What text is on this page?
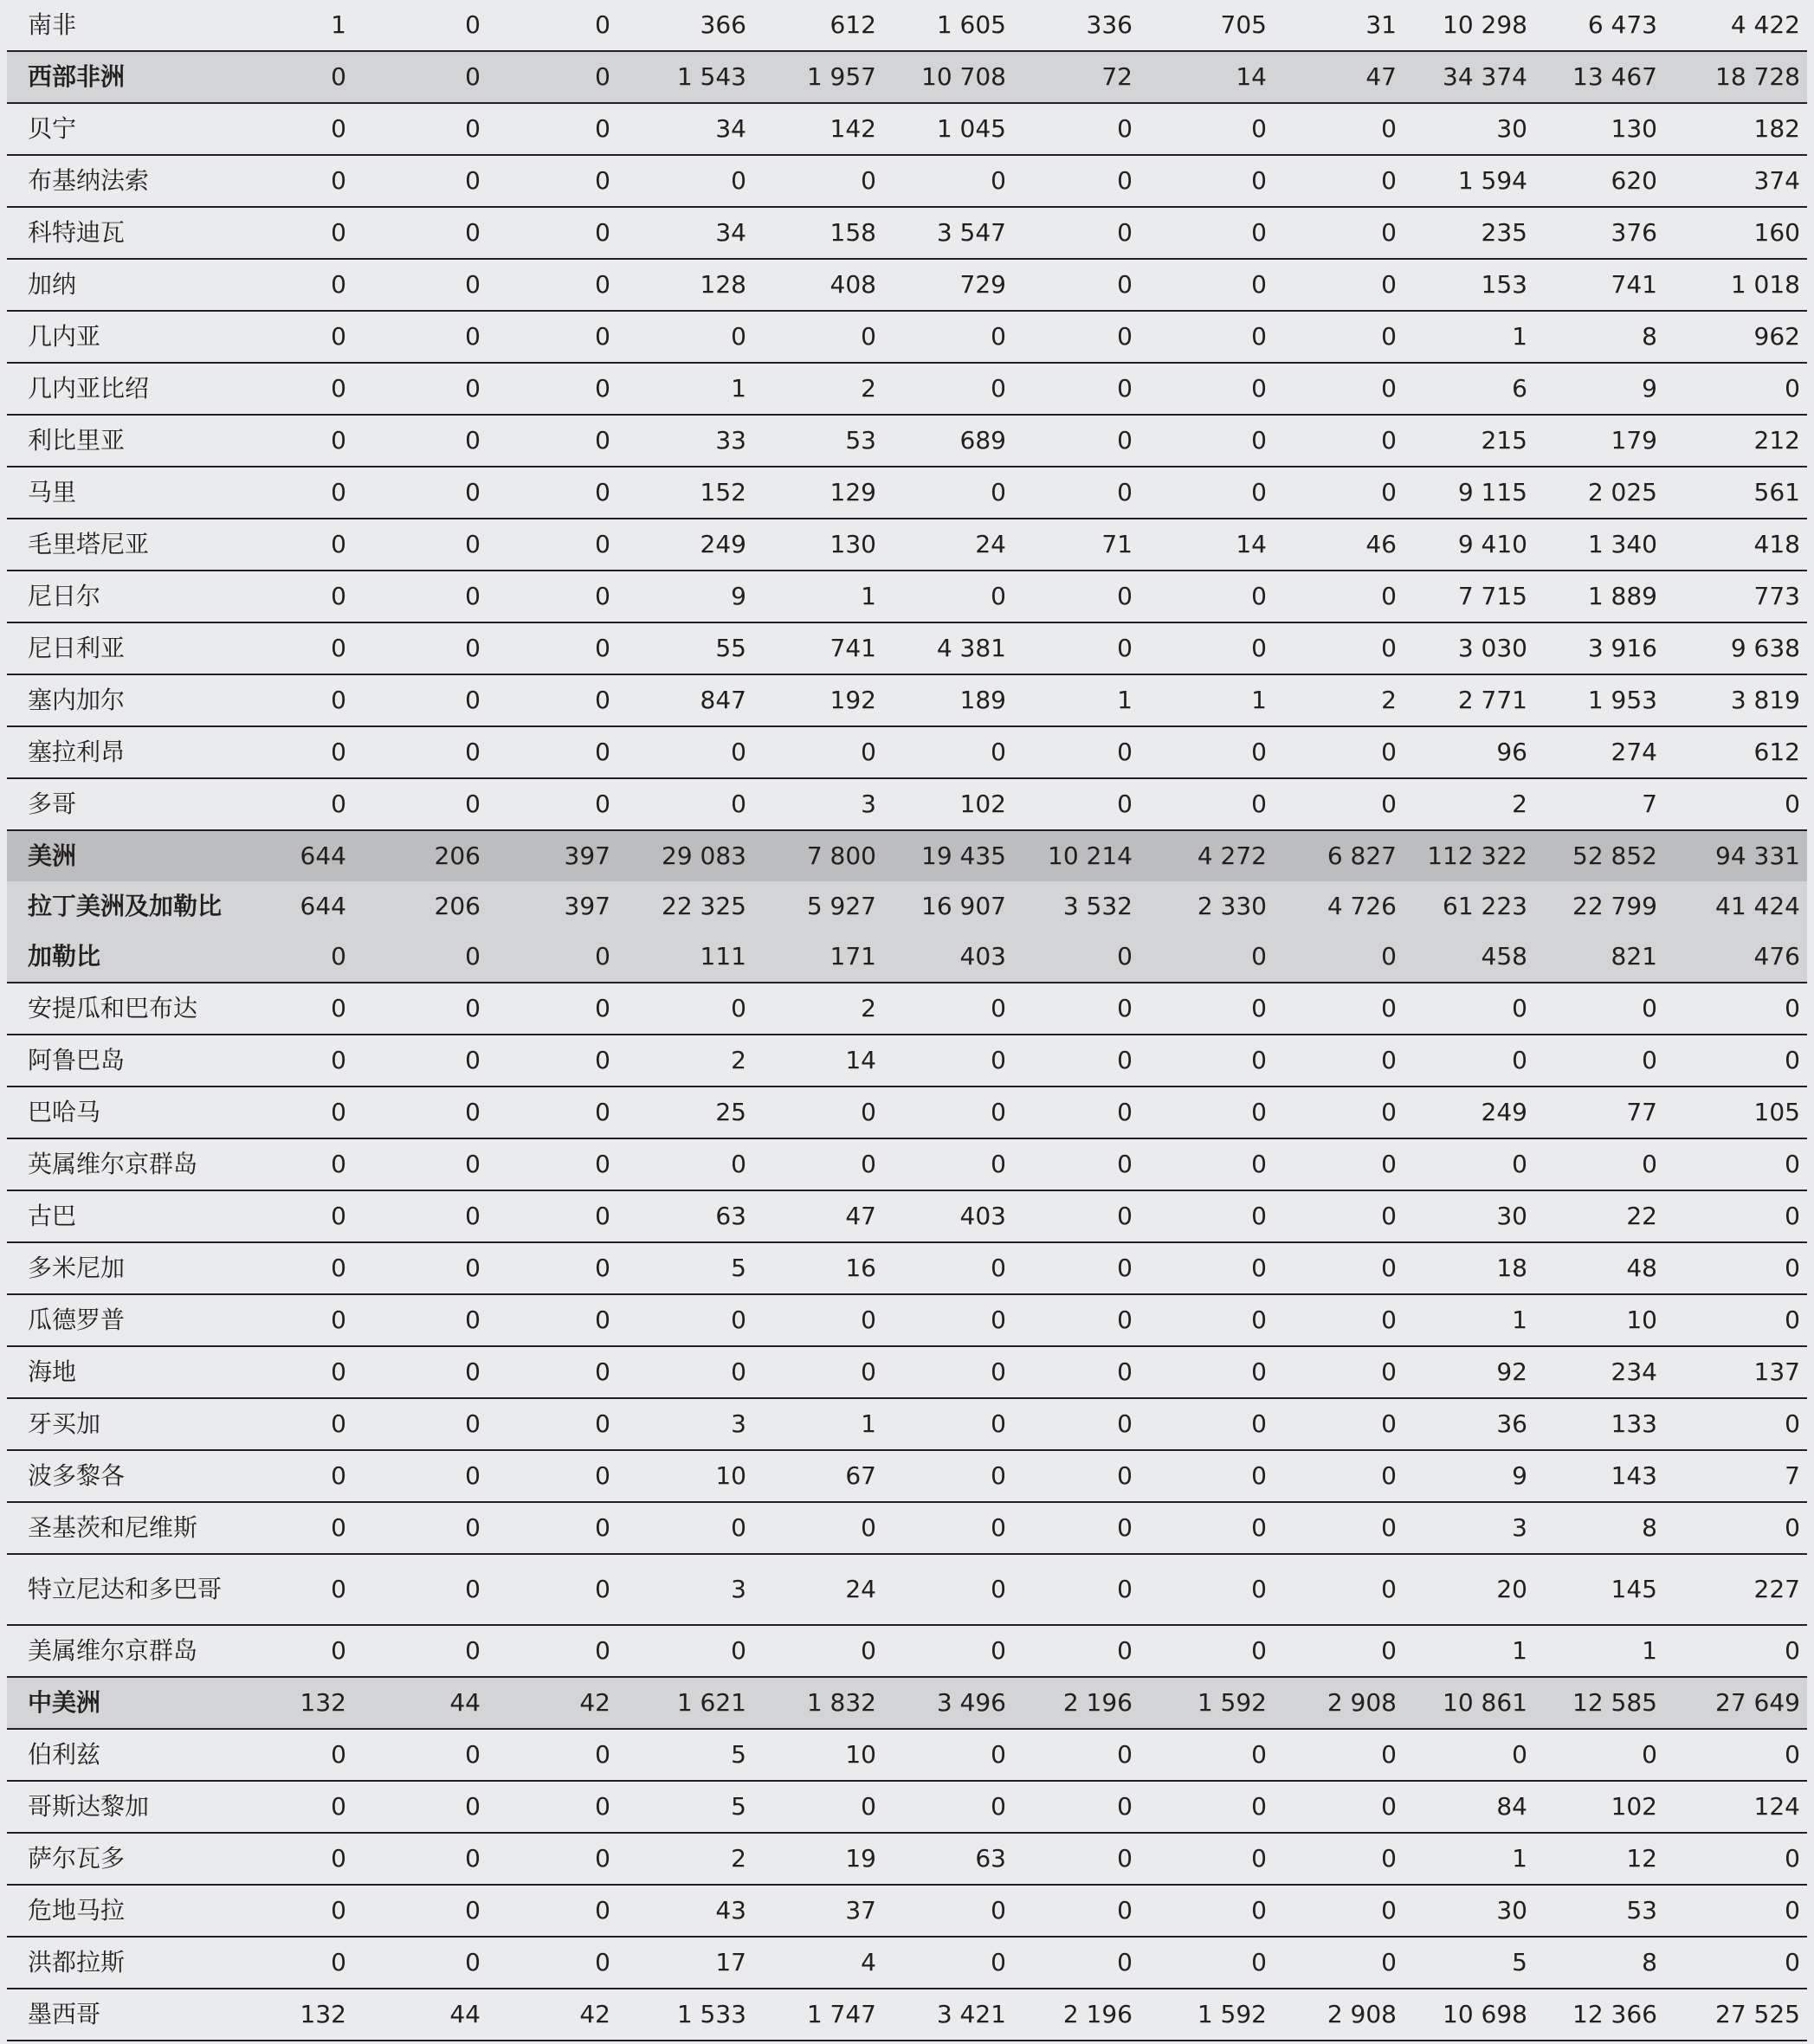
南非	1	0	0	366	612	1 605	336	705	31	10 298	6 473	4 422
西部非洲	0	0	0	1 543	1 957	10 708	72	14	47	34 374	13 467	18 728
贝宁	0	0	0	34	142	1 045	0	0	0	30	130	182
布基纳法索	0	0	0	0	0	0	0	0	0	1 594	620	374
科特迪瓦	0	0	0	34	158	3 547	0	0	0	235	376	160
加纳	0	0	0	128	408	729	0	0	0	153	741	1 018
几内亚	0	0	0	0	0	0	0	0	0	1	8	962
几内亚比绍	0	0	0	1	2	0	0	0	0	6	9	0
利比里亚	0	0	0	33	53	689	0	0	0	215	179	212
马里	0	0	0	152	129	0	0	0	0	9 115	2 025	561
毛里塔尼亚	0	0	0	249	130	24	71	14	46	9 410	1 340	418
尼日尔	0	0	0	9	1	0	0	0	0	7 715	1 889	773
尼日利亚	0	0	0	55	741	4 381	0	0	0	3 030	3 916	9 638
塞内加尔	0	0	0	847	192	189	1	1	2	2 771	1 953	3 819
塞拉利昂	0	0	0	0	0	0	0	0	0	96	274	612
多哥	0	0	0	0	3	102	0	0	0	2	7	0
美洲	644	206	397	29 083	7 800	19 435	10 214	4 272	6 827	112 322	52 852	94 331
拉丁美洲及加勒比	644	206	397	22 325	5 927	16 907	3 532	2 330	4 726	61 223	22 799	41 424
加勒比	0	0	0	111	171	403	0	0	0	458	821	476
安提瓜和巴布达	0	0	0	0	2	0	0	0	0	0	0	0
阿鲁巴岛	0	0	0	2	14	0	0	0	0	0	0	0
巴哈马	0	0	0	25	0	0	0	0	0	249	77	105
英属维尔京群岛	0	0	0	0	0	0	0	0	0	0	0	0
古巴	0	0	0	63	47	403	0	0	0	30	22	0
多米尼加	0	0	0	5	16	0	0	0	0	18	48	0
瓜德罗普	0	0	0	0	0	0	0	0	0	1	10	0
海地	0	0	0	0	0	0	0	0	0	92	234	137
牙买加	0	0	0	3	1	0	0	0	0	36	133	0
波多黎各	0	0	0	10	67	0	0	0	0	9	143	7
圣基茨和尼维斯	0	0	0	0	0	0	0	0	0	3	8	0
特立尼达和多巴哥	0	0	0	3	24	0	0	0	0	20	145	227
美属维尔京群岛	0	0	0	0	0	0	0	0	0	1	1	0
中美洲	132	44	42	1 621	1 832	3 496	2 196	1 592	2 908	10 861	12 585	27 649
伯利兹	0	0	0	5	10	0	0	0	0	0	0	0
哥斯达黎加	0	0	0	5	0	0	0	0	0	84	102	124
萨尔瓦多	0	0	0	2	19	63	0	0	0	1	12	0
危地马拉	0	0	0	43	37	0	0	0	0	30	53	0
洪都拉斯	0	0	0	17	4	0	0	0	0	5	8	0
墨西哥	132	44	42	1 533	1 747	3 421	2 196	1 592	2 908	10 698	12 366	27 525
